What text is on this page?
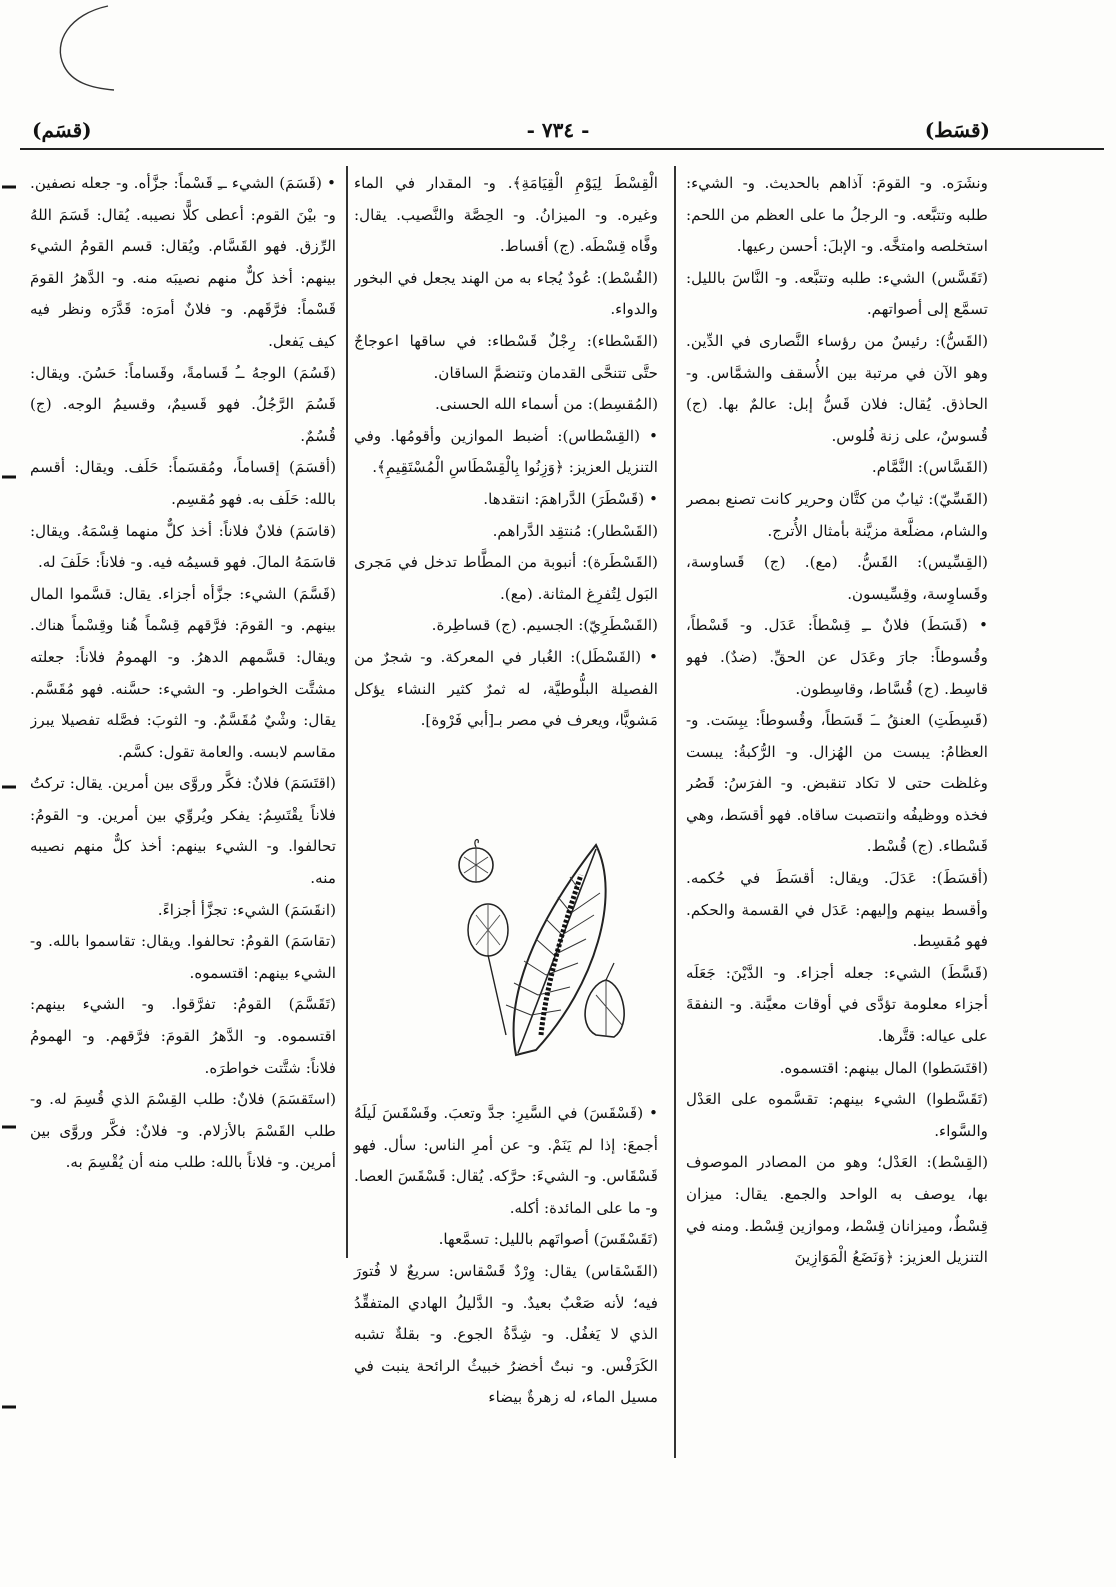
(قسَط)
- ٧٣٤ -
(قسَم)

ونشَرَه. و- القومَ: آذاهم بالحديث. و- الشيء: طلبه وتتبَّعه. و- الرجلُ ما على العظم من اللحم: استخلصه وامتخَّه. و- الإبلَ: أحسن رعيها.

(تَقَسَّس) الشيء: طلبه وتتبَّعه. و- النَّاسَ بالليل: تسمَّع إلى أصواتهم.

(القَسُّ): رئيسٌ من رؤساء النَّصارى في الدِّين. وهو الآن في مرتبة بين الأُسقف والشمَّاس. و- الحاذق. يُقال: فلان قَسُّ إبل: عالمٌ بها. (ج) قُسوسٌ، على زنة فُلوس.

(القَسَّاس): النَّمَّام.

(القَسِّيّ): ثيابٌ من كتَّان وحرير كانت تصنع بمصر والشام، مضلَّعة مزيَّنة بأمثال الأُترج.

(القِسِّيس): القَسُّ. (مع). (ج) قَساوسة، وقَساوِسة، وقِسِّيسون.

• (قَسَطَ) فلانٌ ــِ قِسْطاً: عَدَل. و- قَسْطاً، وقُسوطاً: جارَ وعَدَل عن الحقِّ. (ضدٌ). فهو قاسِط. (ج) قُسَّاط، وقاسِطون.

(قَسِطَتِ) العنقُ ــَ قَسَطاً، وقُسوطاً: يبِسَت. و- العظامُ: يبست من الهُزال. و- الرُّكبةُ: يبست وغلظت حتى لا تكاد تنقبض. و- الفرَسُ: قَصُر فخذه ووظيفُه وانتصبت ساقاه. فهو أقسَط، وهي قَسْطاء. (ج) قُسْط.

(أقسَطَ): عَدَلَ. ويقال: أقسَطَ في حُكمه. وأقسط بينهم وإليهم: عَدَل في القسمة والحكم. فهو مُقسِط.

(قَسَّطَ) الشيء: جعله أجزاء. و- الدَّيْنَ: جَعَلَه أجزاء معلومة تؤدَّى في أوقات معيَّنة. و- النفقةَ على عياله: قتَّرها.

(اقتَسَطوا) المال بينهم: اقتسموه.

(تَقَسَّطوا) الشيء بينهم: تقسَّموه على العَدْل والسَّواء.

(القِسْط): العَدْل؛ وهو من المصادر الموصوف بها، يوصف به الواحد والجمع. يقال: ميزان قِسْطٌ، وميزانان قِسْط، وموازين قِسْط. ومنه في التنزيل العزيز: ﴿وَنَضَعُ الْمَوَازِينَ

الْقِسْطَ لِيَوْمِ الْقِيَامَةِ﴾. و- المقدار في الماء وغيره. و- الميزانُ. و- الحِصَّة والنَّصيب. يقال: وفَّاه قِسْطَه. (ج) أقساط.

(القُسْط): عُودٌ يُجاء به من الهند يجعل في البخور والدواء.

(القَسْطاء): رِجْلٌ قَسْطاء: في ساقها اعوجاجٌ حتَّى تتنحَّى القدمان وتنضمَّ الساقان.

(المُقسِط): من أسماء الله الحسنى.

• (القِسْطاس): أضبط الموازين وأقومُها. وفي التنزيل العزيز: ﴿وَزِنُوا بِالْقِسْطَاسِ الْمُسْتَقِيمِ﴾.

• (قَسْطَرَ) الدَّراهمَ: انتقدها.

(القَسْطار): مُنتقِد الدَّراهم.

(القَسْطَرة): أنبوبة من المطَّاط تدخل في مَجرى البَول لِتُفرِغ المثانة. (مع).

(القَسْطَرِيّ): الجسيم. (ج) قساطِرة.

• (القَسْطَل): الغُبار في المعركة. و- شجرٌ من الفصيلة البلُّوطيَّة، له ثمرٌ كثير النشاء يؤكل مَشويًّا، ويعرف في مصر بـ[أبي فَرْوة].

• (قَسْقَسَ) في السَّيرِ: جدَّ وتعبَ. وقَسْقَسَ لَيلَهُ أجمعَ: إذا لم يَنَمْ. و- عن أمرِ الناس: سأل. فهو قَسْقَاس. و- الشيءَ: حرَّكه. يُقال: قَسْقَسَ العصا. و- ما على المائدة: أكله.

(تَقَسْقَسَ) أصواتَهم بالليل: تسمَّعها.

(القَسْقاس) يقال: وِرْدٌ قَسْقاس: سريعٌ لا فُتورَ فيه؛ لأنه صَعْبٌ بعيدٌ. و- الدَّليلُ الهادي المتفقِّدُ الذي لا يَغفُل. و- شِدَّةُ الجوع. و- بقلةٌ تشبه الكَرَفْس. و- نبتٌ أخضرُ خبيثُ الرائحة ينبت في مسيل الماء، له زهرةٌ بيضاء

• (قَسَمَ) الشيء ــِ قَسْماً: جزَّأه. و- جعله نصفين. و- بيْنَ القوم: أعطى كلًّا نصيبه. يُقال: قَسَمَ اللهُ الرِّزق. فهو القَسَّام. ويُقال: قسم القومُ الشيء بينهم: أخذ كلٌّ منهم نصيبَه منه. و- الدَّهرُ القومَ قَسْماً: فرَّقَهم. و- فلانٌ أمرَه: قَدَّرَه ونظر فيه كيف يَفعل.

(قَسُمَ) الوجهُ ــُ قَسامةً، وقَساماً: حَسُنَ. ويقال: قَسُمَ الرَّجُلُ. فهو قَسيمٌ، وقسيمُ الوجه. (ج) قُسُمٌ.

(أقسَمَ) إقساماً، ومُقسَماً: حَلَف. ويقال: أقسم بالله: حَلَف به. فهو مُقسِم.

(قاسَمَ) فلانٌ فلاناً: أخذ كلٌّ منهما قِسْمَهُ. ويقال: قاسَمَهُ المالَ. فهو قسيمُه فيه. و- فلاناً: حَلَفَ له.

(قَسَّمَ) الشيء: جزَّأه أجزاء. يقال: قسَّموا المال بينهم. و- القومَ: فرَّقهم قِسْماً هُنا وقِسْماً هناك. ويقال: قسَّمهم الدهرُ. و- الهمومُ فلاناً: جعلته مشتَّت الخواطر. و- الشيء: حسَّنه. فهو مُقَسَّم. يقال: وشْيٌ مُقَسَّمٌ. و- الثوبَ: فصَّله تفصيلا يبرز مقاسم لابسه. والعامة تقول: كسَّم.

(اقتَسَمَ) فلانٌ: فكَّر وروَّى بين أمرين. يقال: تركتُ فلاناً يقْتَسِمُ: يفكر ويُروِّي بين أمرين. و- القومُ: تحالفوا. و- الشيء بينهم: أخذ كلٌّ منهم نصيبه منه.

(انقَسَمَ) الشيء: تجزَّأ أجزاءً.

(تقاسَمَ) القومُ: تحالفوا. ويقال: تقاسموا بالله. و- الشيء بينهم: اقتسموه.

(تَقَسَّمَ) القومُ: تفرَّقوا. و- الشيء بينهم: اقتسموه. و- الدَّهرُ القومَ: فرَّقهم. و- الهمومُ فلاناً: شتَّتت خواطرَه.

(استَقسَمَ) فلانٌ: طلب القِسْمَ الذي قُسِمَ له. و- طلب القَسْمَ بالأزلام. و- فلانٌ: فكَّر وروَّى بين أمرين. و- فلاناً بالله: طلب منه أن يُقْسِمَ به.
